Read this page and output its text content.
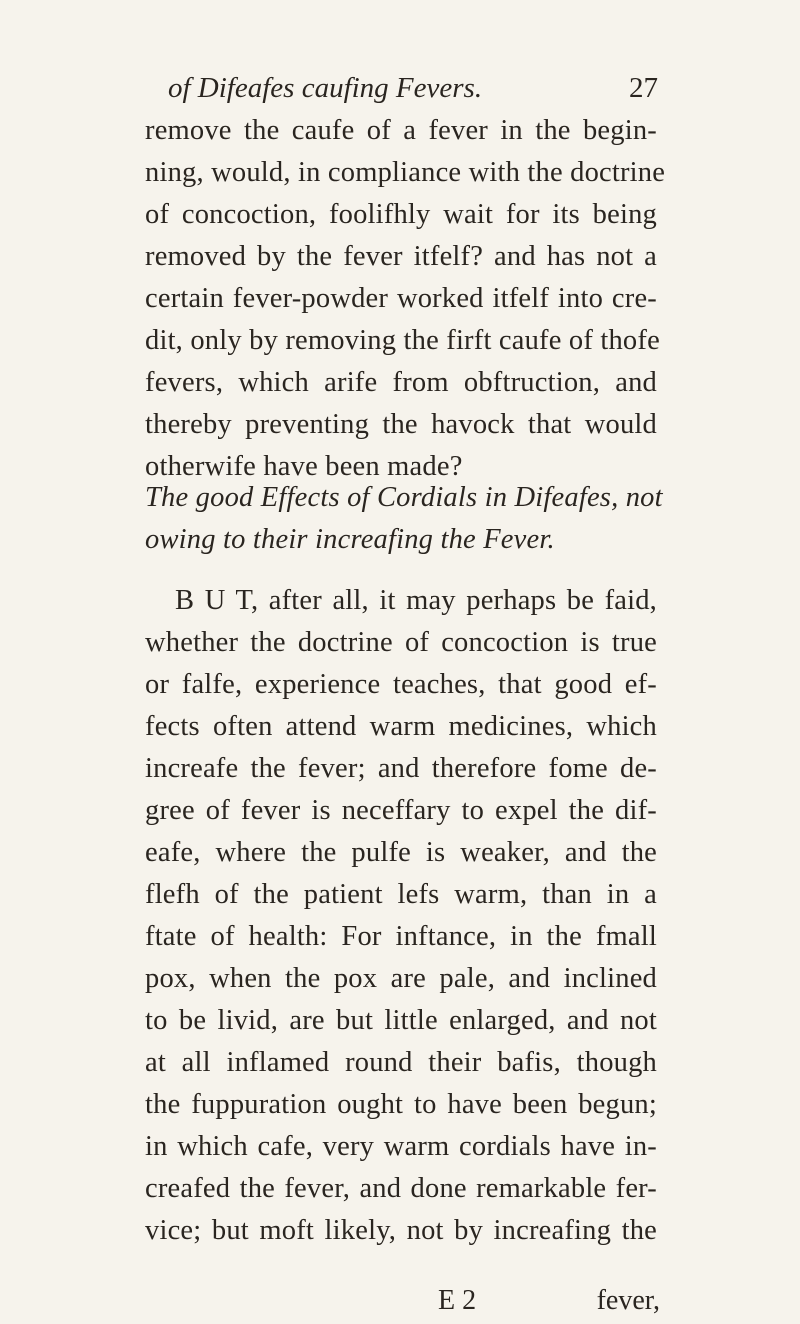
of Difeafes caufing Fevers.	27
remove the caufe of a fever in the begin-
ning, would, in compliance with the doctrine
of concoction, foolifhly wait for its being
removed by the fever itfelf? and has not a
certain fever-powder worked itfelf into cre-
dit, only by removing the firft caufe of thofe
fevers, which arife from obftruction, and
thereby preventing the havock that would
otherwife have been made?
The good Effects of Cordials in Difeafes, not
owing to their increafing the Fever.
B U T, after all, it may perhaps be faid,
whether the doctrine of concoction is true
or falfe, experience teaches, that good ef-
fects often attend warm medicines, which
increafe the fever; and therefore fome de-
gree of fever is neceffary to expel the dif-
eafe, where the pulfe is weaker, and the
flefh of the patient lefs warm, than in a
ftate of health: For inftance, in the fmall
pox, when the pox are pale, and inclined
to be livid, are but little enlarged, and not
at all inflamed round their bafis, though
the fuppuration ought to have been begun;
in which cafe, very warm cordials have in-
creafed the fever, and done remarkable fer-
vice; but moft likely, not by increafing the
E 2	fever,
